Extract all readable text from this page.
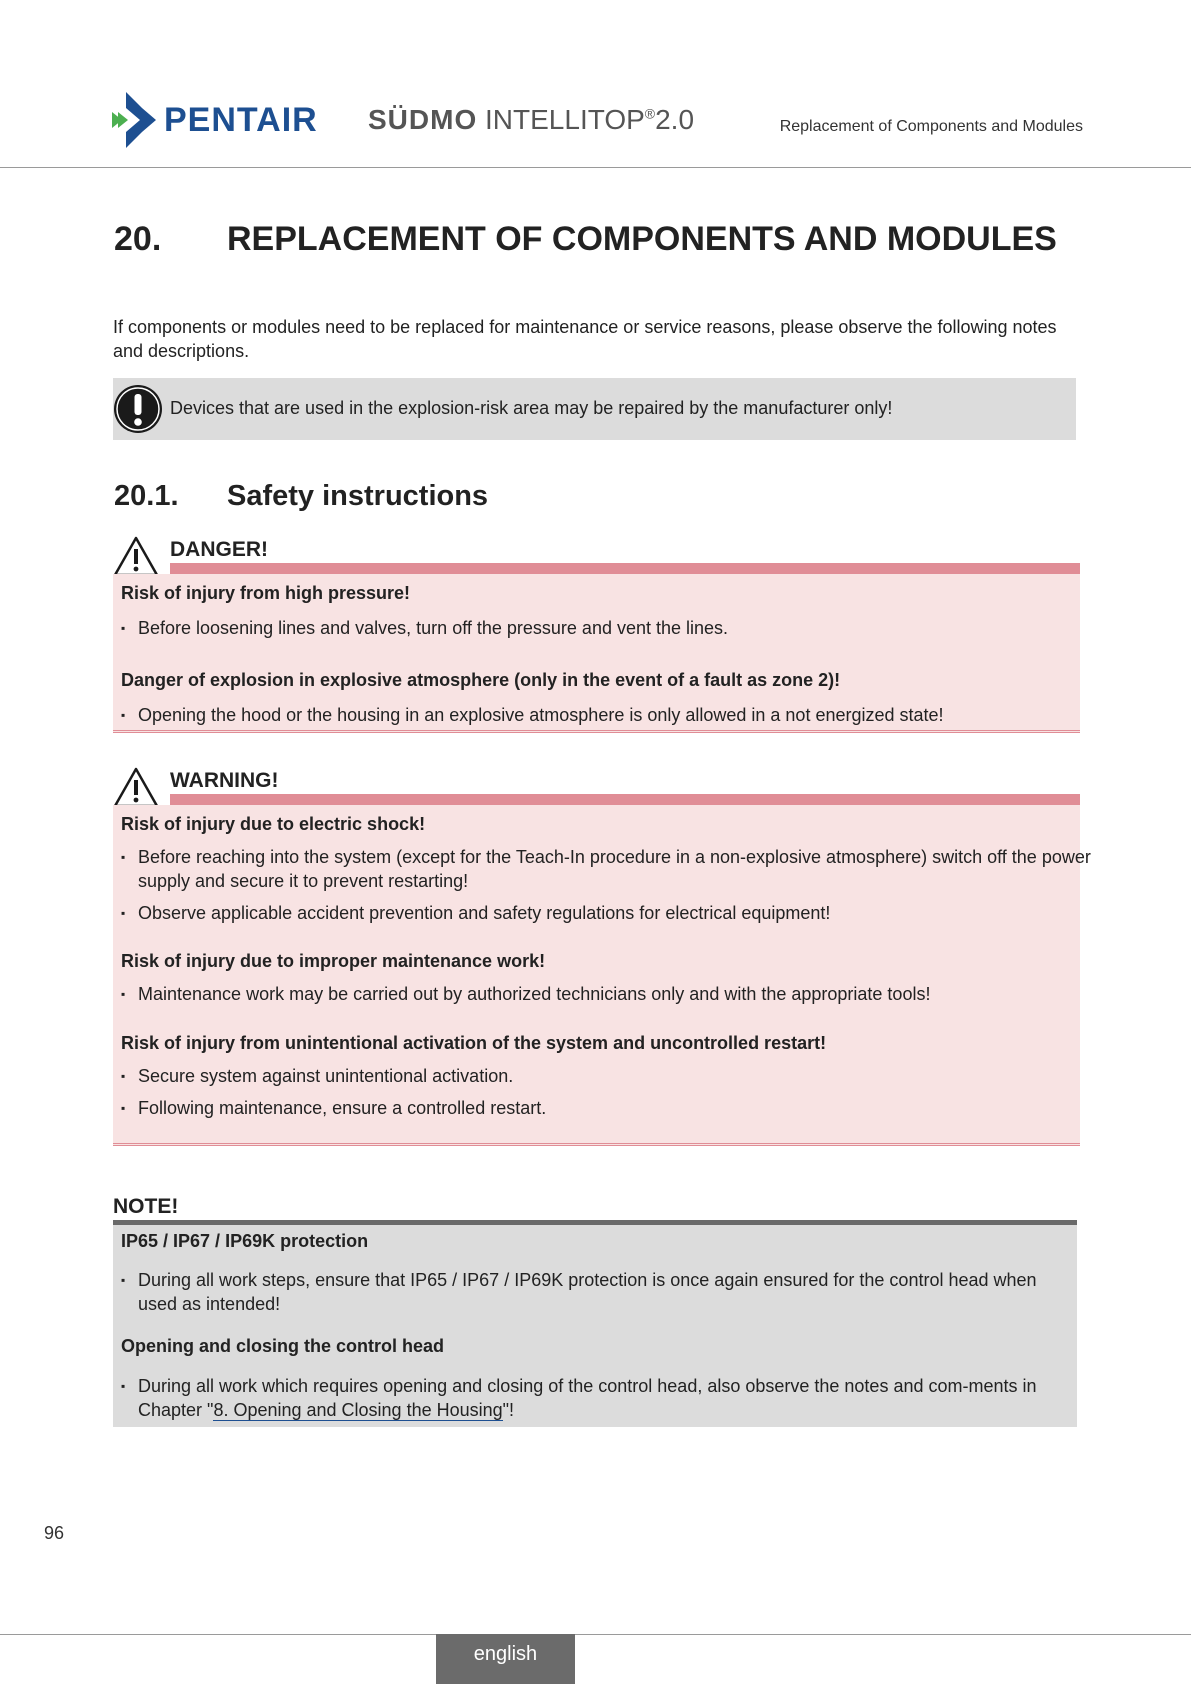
PENTAIR SÜDMO INTELLITOP®2.0	Replacement of Components and Modules
20. REPLACEMENT OF COMPONENTS AND MODULES
If components or modules need to be replaced for maintenance or service reasons, please observe the following notes and descriptions.
Devices that are used in the explosion-risk area may be repaired by the manufacturer only!
20.1. Safety instructions
DANGER!
Risk of injury from high pressure!
▪ Before loosening lines and valves, turn off the pressure and vent the lines.
Danger of explosion in explosive atmosphere (only in the event of a fault as zone 2)!
▪ Opening the hood or the housing in an explosive atmosphere is only allowed in a not energized state!
WARNING!
Risk of injury due to electric shock!
▪ Before reaching into the system (except for the Teach-In procedure in a non-explosive atmosphere) switch off the power supply and secure it to prevent restarting!
▪ Observe applicable accident prevention and safety regulations for electrical equipment!
Risk of injury due to improper maintenance work!
▪ Maintenance work may be carried out by authorized technicians only and with the appropriate tools!
Risk of injury from unintentional activation of the system and uncontrolled restart!
▪ Secure system against unintentional activation.
▪ Following maintenance, ensure a controlled restart.
NOTE!
IP65 / IP67 / IP69K protection
▪ During all work steps, ensure that IP65 / IP67 / IP69K protection is once again ensured for the control head when used as intended!
Opening and closing the control head
▪ During all work which requires opening and closing of the control head, also observe the notes and com-ments in Chapter "8. Opening and Closing the Housing"!
96
english
